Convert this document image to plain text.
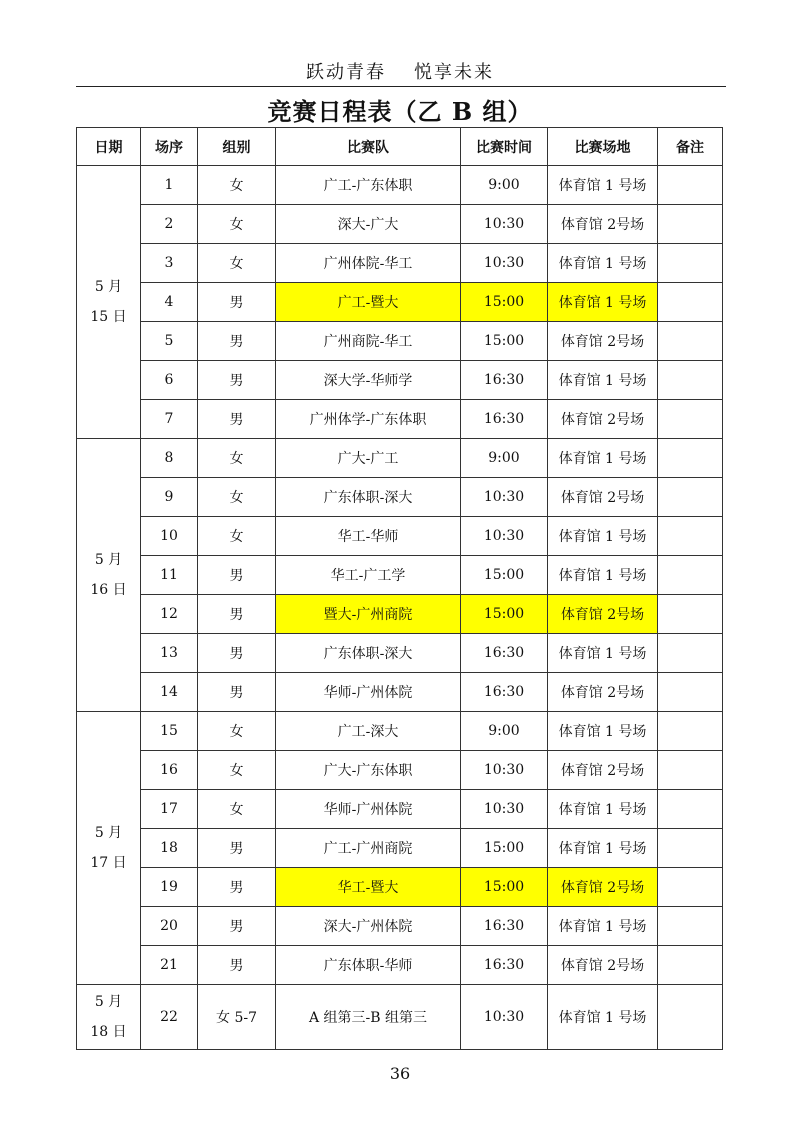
跃动青春 悦享未来
竞赛日程表（乙 B 组）
日期	场序	组别	比赛队	比赛时间	比赛场地	备注

5 月
15 日	1	女	广工-广东体职	9:00	体育馆 1 号场	
	2	女	深大-广大	10:30	体育馆 2号场	
	3	女	广州体院-华工	10:30	体育馆 1 号场	
	4	男	广工-暨大	15:00	体育馆 1 号场	
	5	男	广州商院-华工	15:00	体育馆 2号场	
	6	男	深大学-华师学	16:30	体育馆 1 号场	
	7	男	广州体学-广东体职	16:30	体育馆 2号场	

5 月
16 日	8	女	广大-广工	9:00	体育馆 1 号场	
	9	女	广东体职-深大	10:30	体育馆 2号场	
	10	女	华工-华师	10:30	体育馆 1 号场	
	11	男	华工-广工学	15:00	体育馆 1 号场	
	12	男	暨大-广州商院	15:00	体育馆 2号场	
	13	男	广东体职-深大	16:30	体育馆 1 号场	
	14	男	华师-广州体院	16:30	体育馆 2号场	

5 月
17 日	15	女	广工-深大	9:00	体育馆 1 号场	
	16	女	广大-广东体职	10:30	体育馆 2号场	
	17	女	华师-广州体院	10:30	体育馆 1 号场	
	18	男	广工-广州商院	15:00	体育馆 1 号场	
	19	男	华工-暨大	15:00	体育馆 2号场	
	20	男	深大-广州体院	16:30	体育馆 1 号场	
	21	男	广东体职-华师	16:30	体育馆 2号场	

5 月
18 日	22	女 5-7	A 组第三-B 组第三	10:30	体育馆 1 号场	
36
